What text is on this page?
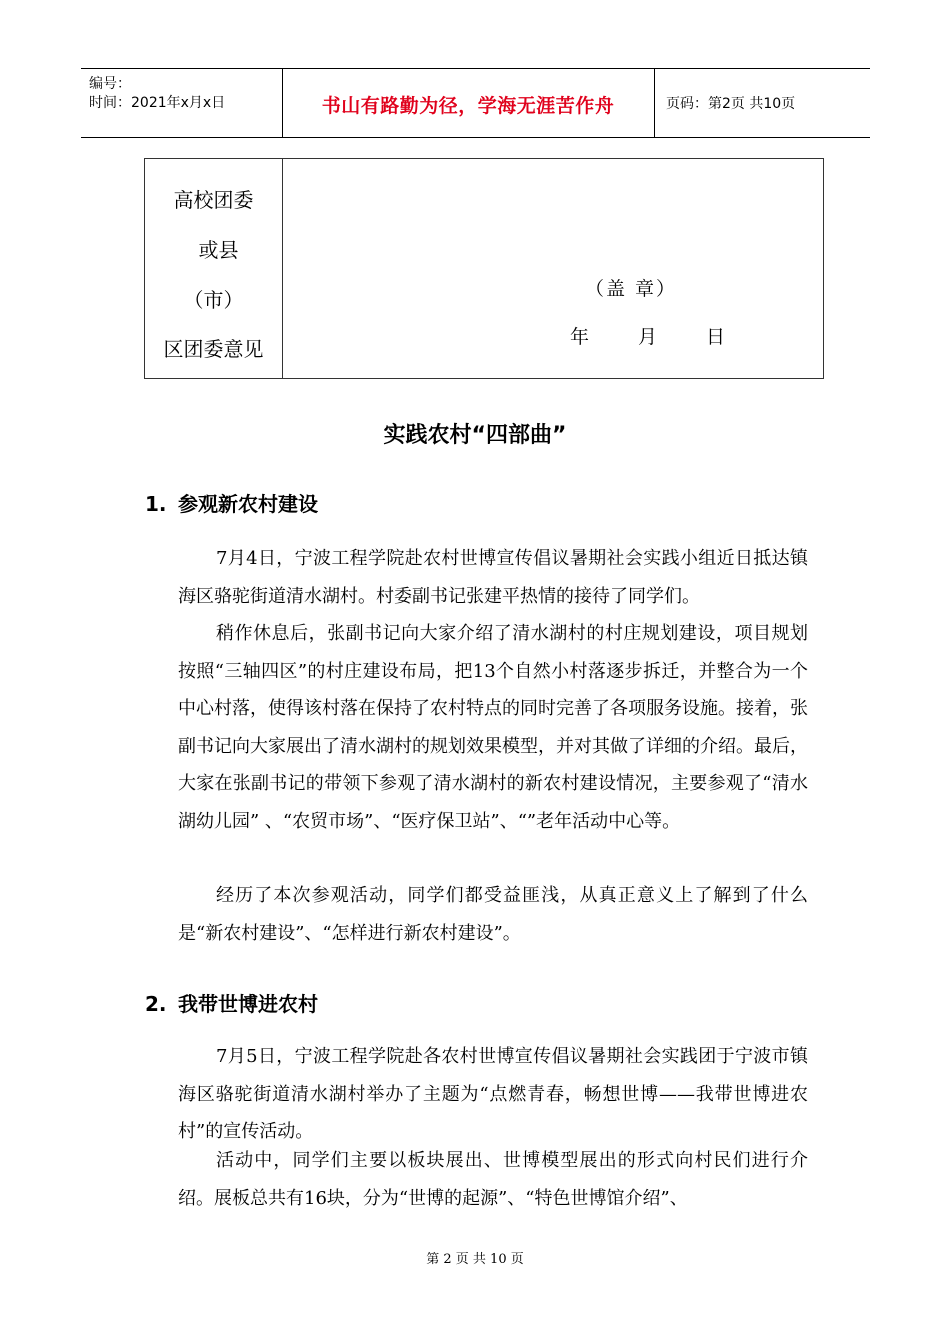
编号：
时间：2021年x月x日	书山有路勤为径，学海无涯苦作舟	页码：第2页 共10页
高校团委
或县
（市）
区团委意见
（盖 章）
年	月	日
实践农村“四部曲”
1. 参观新农村建设
7月4日，宁波工程学院赴农村世博宣传倡议暑期社会实践小组近日抵达镇海区骆驼街道清水湖村。村委副书记张建平热情的接待了同学们。
稍作休息后，张副书记向大家介绍了清水湖村的村庄规划建设，项目规划按照“三轴四区”的村庄建设布局，把13个自然小村落逐步拆迁，并整合为一个中心村落，使得该村落在保持了农村特点的同时完善了各项服务设施。接着，张副书记向大家展出了清水湖村的规划效果模型，并对其做了详细的介绍。最后，大家在张副书记的带领下参观了清水湖村的新农村建设情况，主要参观了“清水湖幼儿园” 、“农贸市场”、“医疗保卫站”、“”老年活动中心等。
经历了本次参观活动，同学们都受益匪浅，从真正意义上了解到了什么是“新农村建设”、“怎样进行新农村建设”。
2. 我带世博进农村
7月5日，宁波工程学院赴各农村世博宣传倡议暑期社会实践团于宁波市镇海区骆驼街道清水湖村举办了主题为“点燃青春，畅想世博——我带世博进农村”的宣传活动。
活动中，同学们主要以板块展出、世博模型展出的形式向村民们进行介绍。展板总共有16块，分为“世博的起源”、“特色世博馆介绍”、
第 2 页 共 10 页
